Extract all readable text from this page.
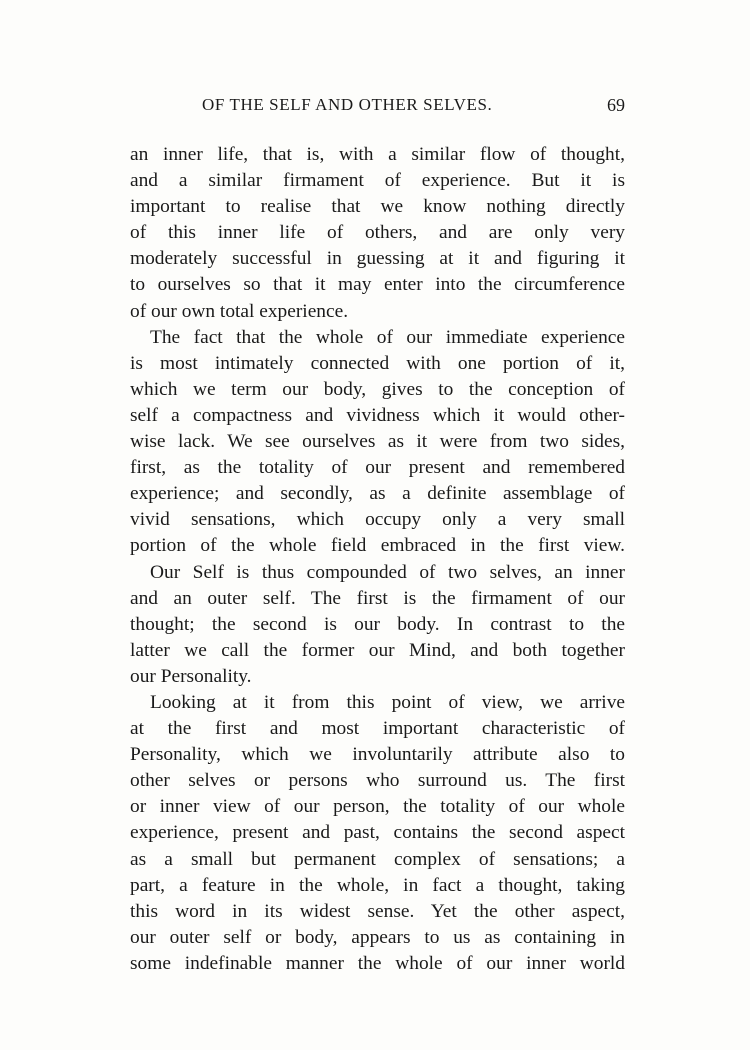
OF THE SELF AND OTHER SELVES.	69
an inner life, that is, with a similar flow of thought,
and a similar firmament of experience. But it is
important to realise that we know nothing directly
of this inner life of others, and are only very
moderately successful in guessing at it and figuring it
to ourselves so that it may enter into the circumference
of our own total experience.
The fact that the whole of our immediate experience
is most intimately connected with one portion of it,
which we term our body, gives to the conception of
self a compactness and vividness which it would other-
wise lack. We see ourselves as it were from two sides,
first, as the totality of our present and remembered
experience; and secondly, as a definite assemblage of
vivid sensations, which occupy only a very small
portion of the whole field embraced in the first view.
Our Self is thus compounded of two selves, an inner
and an outer self. The first is the firmament of our
thought; the second is our body. In contrast to the
latter we call the former our Mind, and both together
our Personality.
Looking at it from this point of view, we arrive
at the first and most important characteristic of
Personality, which we involuntarily attribute also to
other selves or persons who surround us. The first
or inner view of our person, the totality of our whole
experience, present and past, contains the second aspect
as a small but permanent complex of sensations; a
part, a feature in the whole, in fact a thought, taking
this word in its widest sense. Yet the other aspect,
our outer self or body, appears to us as containing in
some indefinable manner the whole of our inner world
